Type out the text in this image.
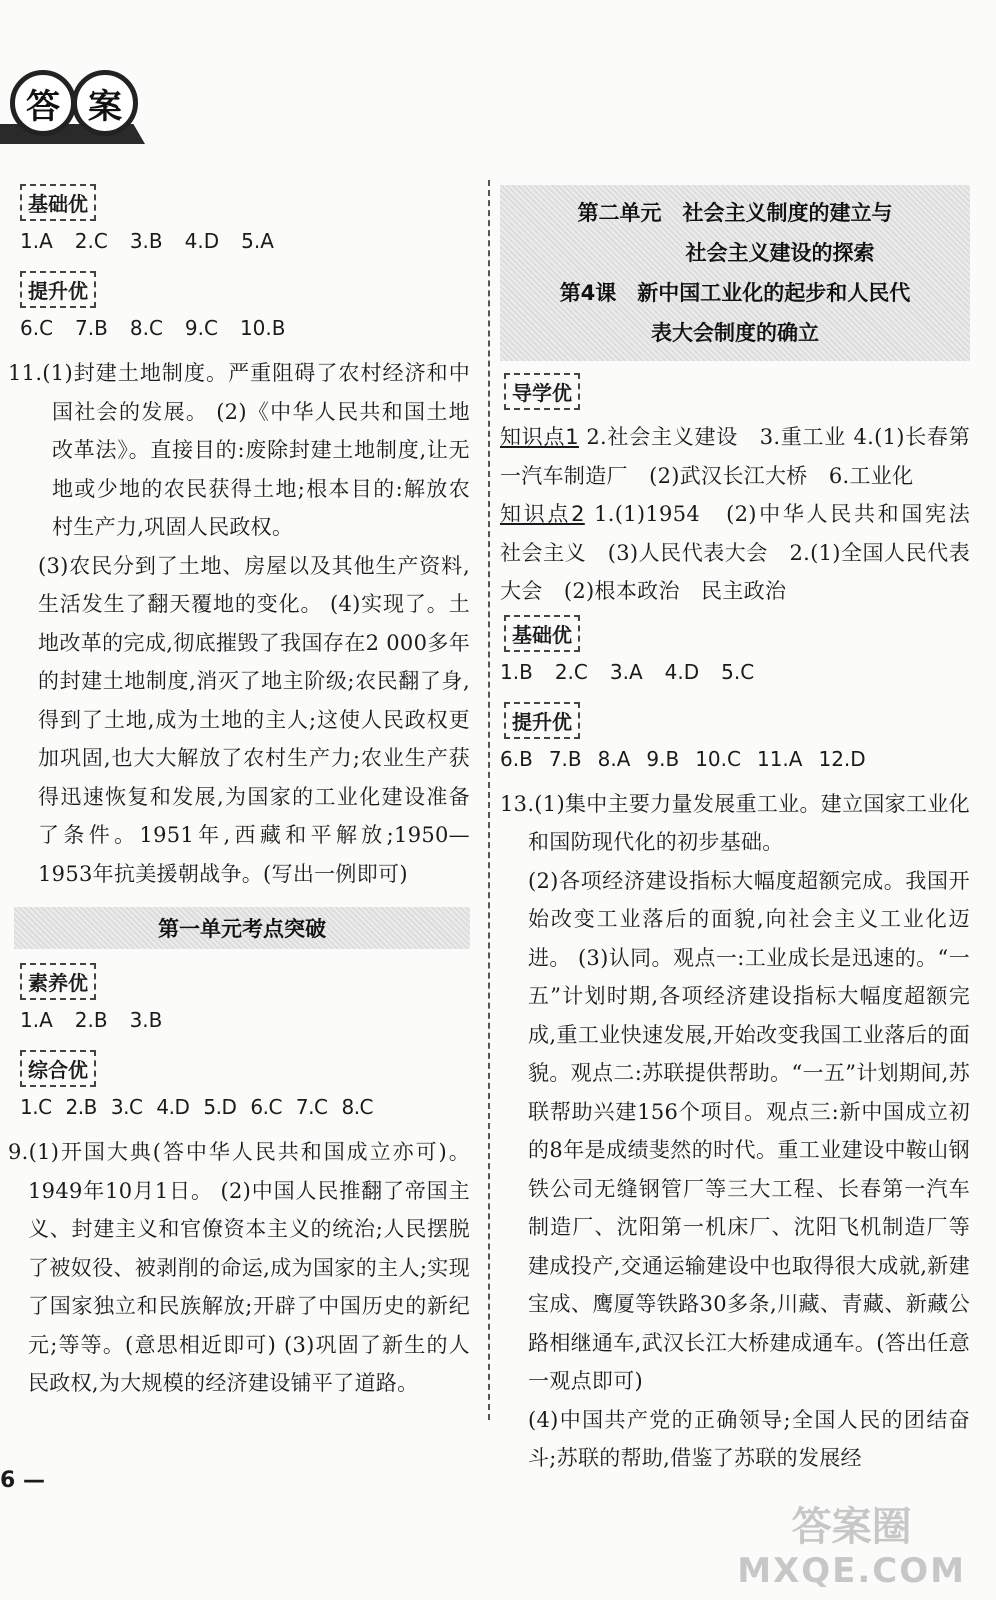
答 案
基础优
1.A 2.C 3.B 4.D 5.A
提升优
6.C 7.B 8.C 9.C 10.B
11.(1)封建土地制度。严重阻碍了农村经济和中国社会的发展。 (2)《中华人民共和国土地改革法》。直接目的:废除封建土地制度,让无地或少地的农民获得土地;根本目的:解放农村生产力,巩固人民政权。
(3)农民分到了土地、房屋以及其他生产资料,生活发生了翻天覆地的变化。 (4)实现了。土地改革的完成,彻底摧毁了我国存在2 000多年的封建土地制度,消灭了地主阶级;农民翻了身,得到了土地,成为土地的主人;这使人民政权更加巩固,也大大解放了农村生产力;农业生产获得迅速恢复和发展,为国家的工业化建设准备了条件。1951年,西藏和平解放;1950—1953年抗美援朝战争。(写出一例即可)
第一单元考点突破
素养优
1.A 2.B 3.B
综合优
1.C 2.B 3.C 4.D 5.D 6.C 7.C 8.C
9.(1)开国大典(答中华人民共和国成立亦可)。1949年10月1日。 (2)中国人民推翻了帝国主义、封建主义和官僚资本主义的统治;人民摆脱了被奴役、被剥削的命运,成为国家的主人;实现了国家独立和民族解放;开辟了中国历史的新纪元;等等。(意思相近即可) (3)巩固了新生的人民政权,为大规模的经济建设铺平了道路。
第二单元　社会主义制度的建立与
社会主义建设的探索
第4课　新中国工业化的起步和人民代
表大会制度的确立
导学优
知识点1 2.社会主义建设　3.重工业 4.(1)长春第一汽车制造厂　(2)武汉长江大桥　6.工业化
知识点2 1.(1)1954　(2)中华人民共和国宪法　社会主义　(3)人民代表大会　2.(1)全国人民代表大会　(2)根本政治　民主政治
基础优
1.B 2.C 3.A 4.D 5.C
提升优
6.B 7.B 8.A 9.B 10.C 11.A 12.D
13.(1)集中主要力量发展重工业。建立国家工业化和国防现代化的初步基础。
(2)各项经济建设指标大幅度超额完成。我国开始改变工业落后的面貌,向社会主义工业化迈进。 (3)认同。观点一:工业成长是迅速的。“一五”计划时期,各项经济建设指标大幅度超额完成,重工业快速发展,开始改变我国工业落后的面貌。观点二:苏联提供帮助。“一五”计划期间,苏联帮助兴建156个项目。观点三:新中国成立初的8年是成绩斐然的时代。重工业建设中鞍山钢铁公司无缝钢管厂等三大工程、长春第一汽车制造厂、沈阳第一机床厂、沈阳飞机制造厂等建成投产,交通运输建设中也取得很大成就,新建宝成、鹰厦等铁路30多条,川藏、青藏、新藏公路相继通车,武汉长江大桥建成通车。(答出任意一观点即可)
(4)中国共产党的正确领导;全国人民的团结奋斗;苏联的帮助,借鉴了苏联的发展经
6 —
答案圈
MXQE.COM
